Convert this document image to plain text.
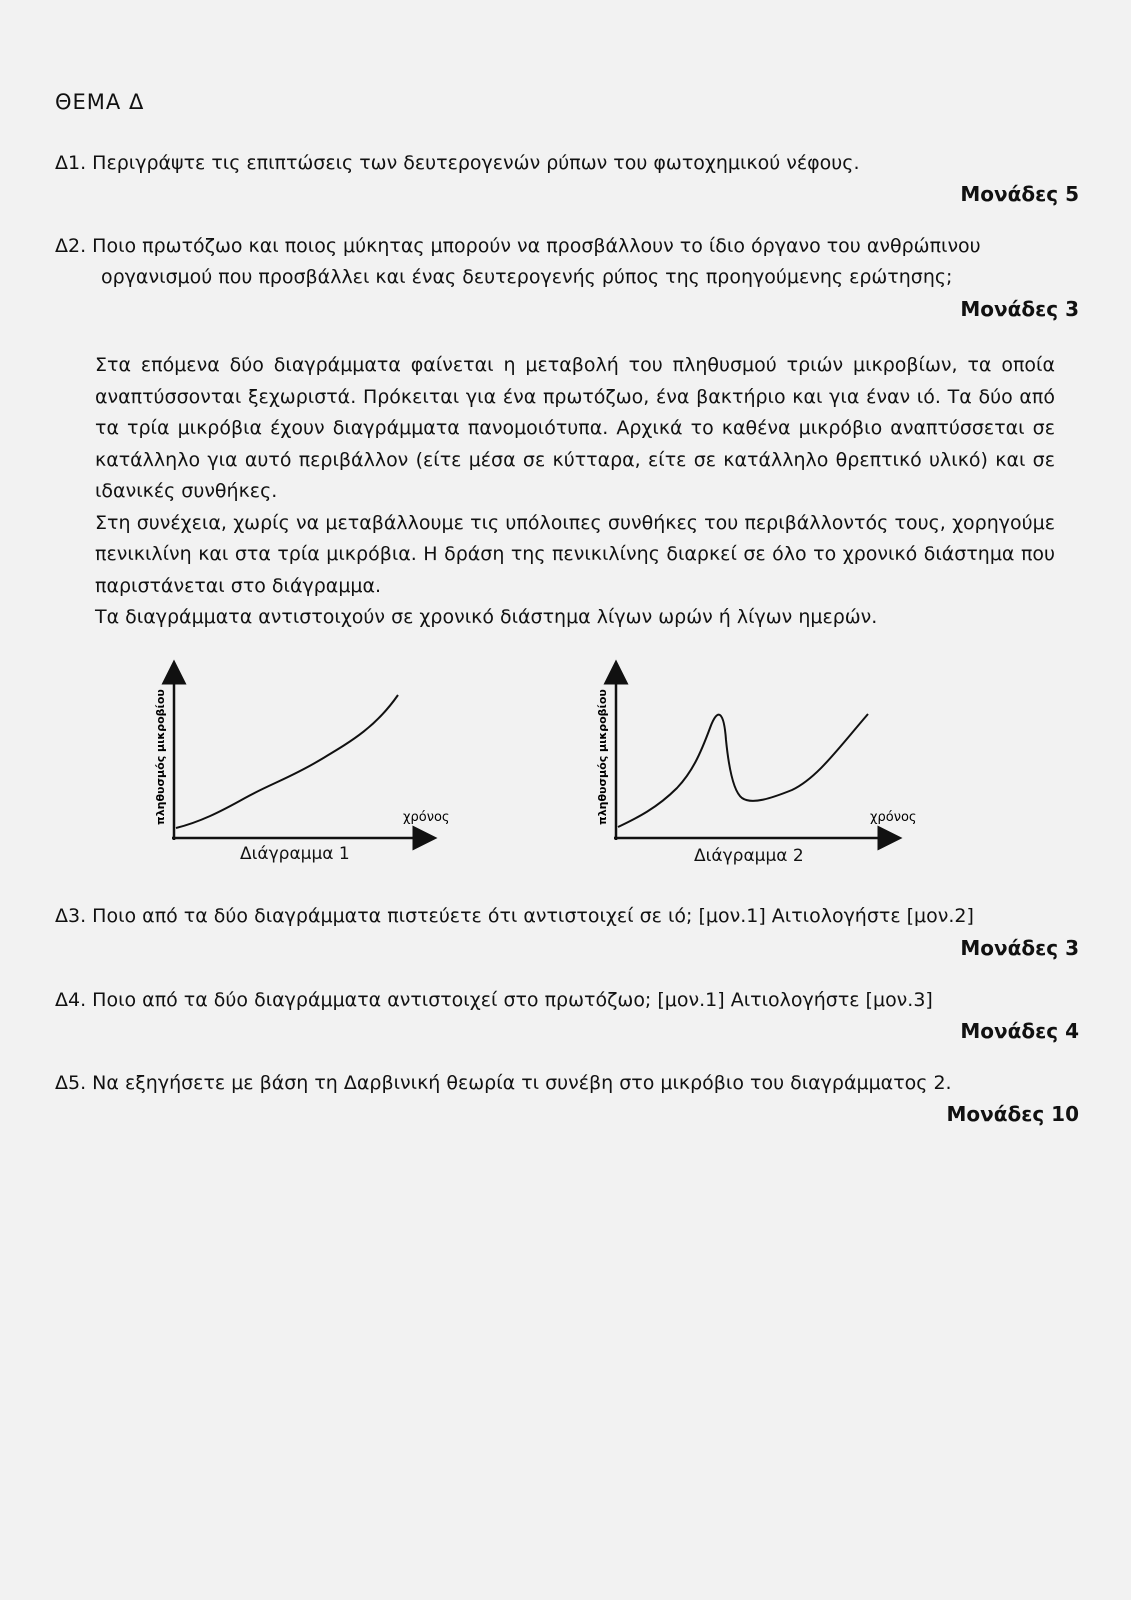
ΘΕΜΑ Δ
Δ1. Περιγράψτε τις επιπτώσεις των δευτερογενών ρύπων του φωτοχημικού νέφους.
Μονάδες 5
Δ2. Ποιο πρωτόζωο και ποιος μύκητας μπορούν να προσβάλλουν το ίδιο όργανο του ανθρώπινου
οργανισμού που προσβάλλει και ένας δευτερογενής ρύπος της προηγούμενης ερώτησης;
Μονάδες 3

Στα επόμενα δύο διαγράμματα φαίνεται η μεταβολή του πληθυσμού τριών μικροβίων, τα οποία αναπτύσσονται ξεχωριστά. Πρόκειται για ένα πρωτόζωο, ένα βακτήριο και για έναν ιό. Τα δύο από τα τρία μικρόβια έχουν διαγράμματα πανομοιότυπα. Αρχικά το καθένα μικρόβιο αναπτύσσεται σε κατάλληλο για αυτό περιβάλλον (είτε μέσα σε κύτταρα, είτε σε κατάλληλο θρεπτικό υλικό) και σε ιδανικές συνθήκες.

Στη συνέχεια, χωρίς να μεταβάλλουμε τις υπόλοιπες συνθήκες του περιβάλλοντός τους, χορηγούμε πενικιλίνη και στα τρία μικρόβια. Η δράση της πενικιλίνης διαρκεί σε όλο το χρονικό διάστημα που παριστάνεται στο διάγραμμα.

Τα διαγράμματα αντιστοιχούν σε χρονικό διάστημα λίγων ωρών ή λίγων ημερών.

πληθυσμός μικροβίου	χρόνος
Διάγραμμα 1
πληθυσμός μικροβίου	χρόνος
Διάγραμμα 2
Δ3. Ποιο από τα δύο διαγράμματα πιστεύετε ότι αντιστοιχεί σε ιό; [μον.1] Αιτιολογήστε [μον.2]
Μονάδες 3
Δ4. Ποιο από τα δύο διαγράμματα αντιστοιχεί στο πρωτόζωο; [μον.1] Αιτιολογήστε [μον.3]
Μονάδες 4
Δ5. Να εξηγήσετε με βάση τη Δαρβινική θεωρία τι συνέβη στο μικρόβιο του διαγράμματος 2.
Μονάδες 10
